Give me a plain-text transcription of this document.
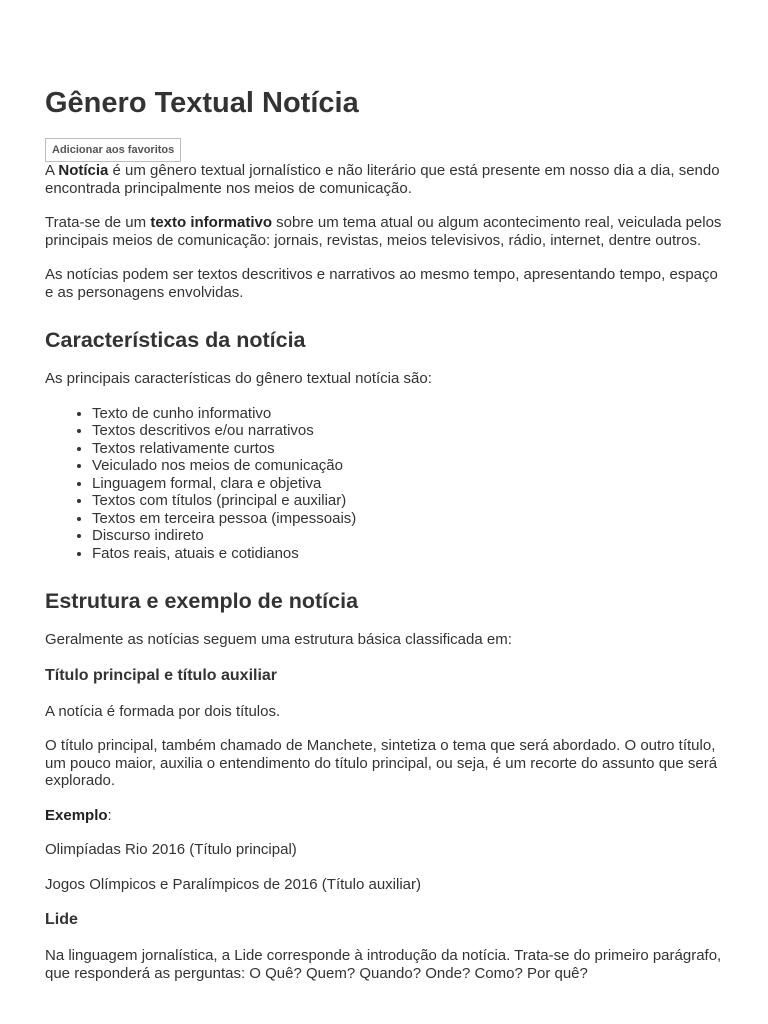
Gênero Textual Notícia
Adicionar aos favoritos

A Notícia é um gênero textual jornalístico e não literário que está presente em nosso dia a dia, sendo encontrada principalmente nos meios de comunicação.

Trata-se de um texto informativo sobre um tema atual ou algum acontecimento real, veiculada pelos principais meios de comunicação: jornais, revistas, meios televisivos, rádio, internet, dentre outros.

As notícias podem ser textos descritivos e narrativos ao mesmo tempo, apresentando tempo, espaço e as personagens envolvidas.

Características da notícia

As principais características do gênero textual notícia são:

• Texto de cunho informativo
• Textos descritivos e/ou narrativos
• Textos relativamente curtos
• Veiculado nos meios de comunicação
• Linguagem formal, clara e objetiva
• Textos com títulos (principal e auxiliar)
• Textos em terceira pessoa (impessoais)
• Discurso indireto
• Fatos reais, atuais e cotidianos
Estrutura e exemplo de notícia

Geralmente as notícias seguem uma estrutura básica classificada em:

Título principal e título auxiliar

A notícia é formada por dois títulos.

O título principal, também chamado de Manchete, sintetiza o tema que será abordado. O outro título, um pouco maior, auxilia o entendimento do título principal, ou seja, é um recorte do assunto que será explorado.

Exemplo:

Olimpíadas Rio 2016 (Título principal)

Jogos Olímpicos e Paralímpicos de 2016 (Título auxiliar)

Lide

Na linguagem jornalística, a Lide corresponde à introdução da notícia. Trata-se do primeiro parágrafo, que responderá as perguntas: O Quê? Quem? Quando? Onde? Como? Por quê?
